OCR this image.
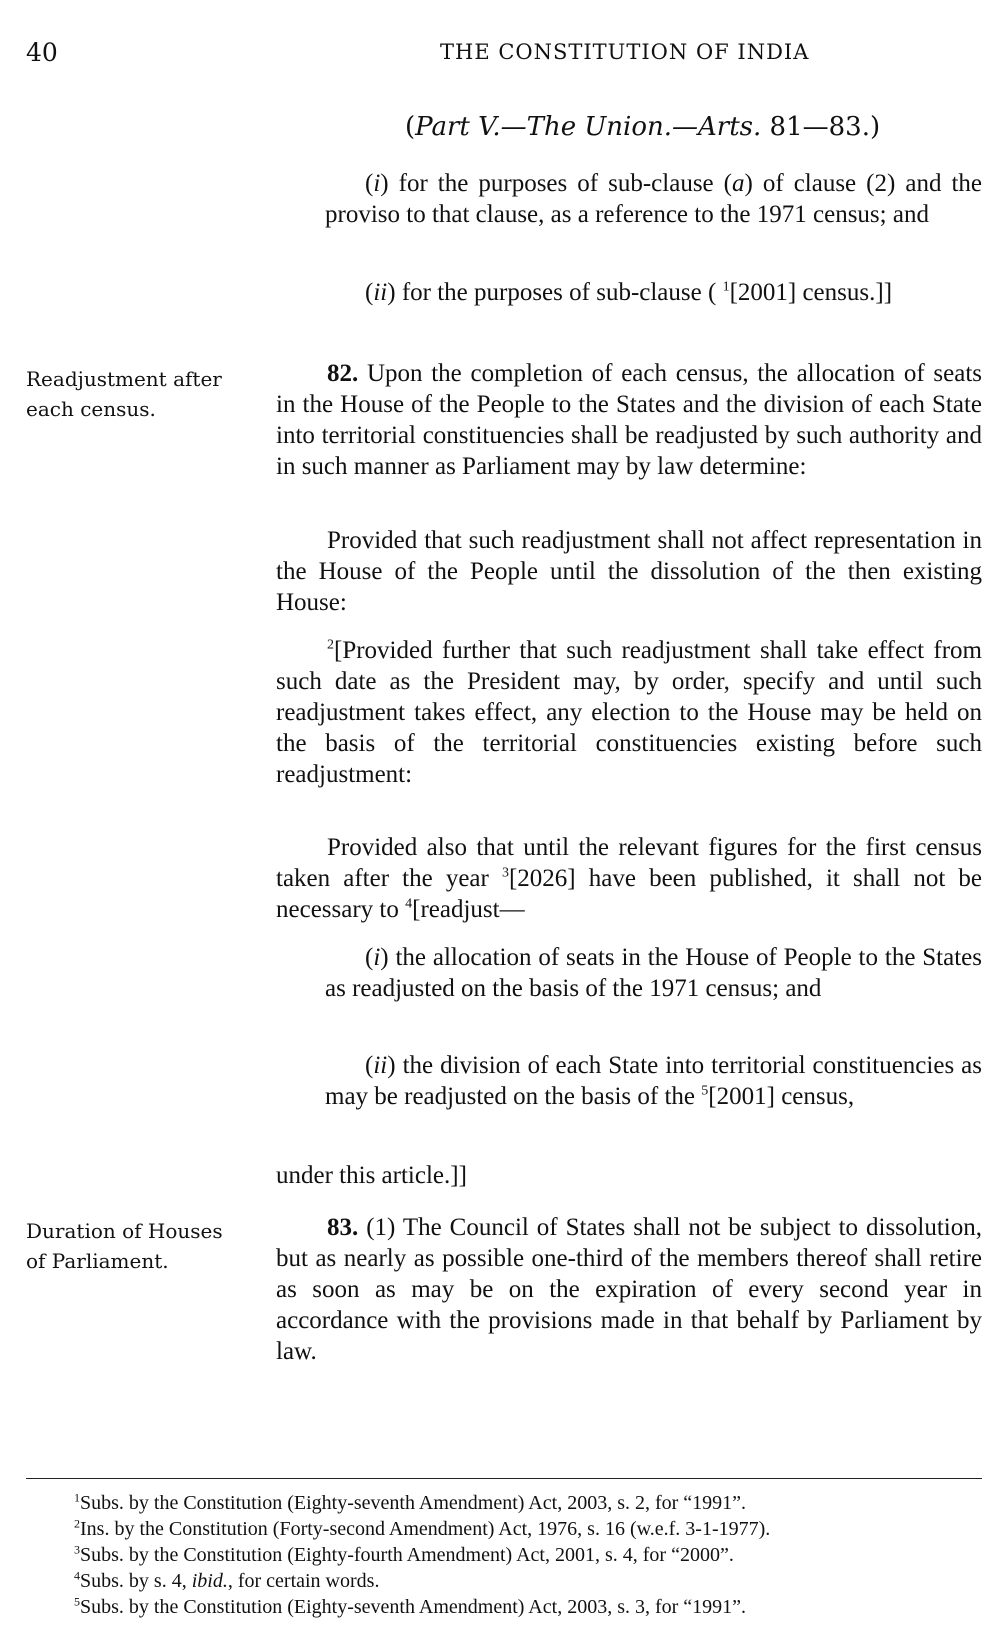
40	THE CONSTITUTION OF INDIA
(Part V.—The Union.—Arts. 81—83.)

(i) for the purposes of sub-clause (a) of clause (2) and the proviso to that clause, as a reference to the 1971 census; and

(ii) for the purposes of sub-clause ( $^1$[2001] census.]]

Readjustment after
each census.

82. Upon the completion of each census, the allocation of seats in the House of the People to the States and the division of each State into territorial constituencies shall be readjusted by such authority and in such manner as Parliament may by law determine:

Provided that such readjustment shall not affect representation in the House of the People until the dissolution of the then existing House:

$^2$[Provided further that such readjustment shall take effect from such date as the President may, by order, specify and until such readjustment takes effect, any election to the House may be held on the basis of the territorial constituencies existing before such readjustment:

Provided also that until the relevant figures for the first census taken after the year $^3$[2026] have been published, it shall not be necessary to $^4$[readjust—

(i) the allocation of seats in the House of People to the States as readjusted on the basis of the 1971 census; and

(ii) the division of each State into territorial constituencies as may be readjusted on the basis of the $^5$[2001] census,

under this article.]]

Duration of Houses
of Parliament.

83. (1) The Council of States shall not be subject to dissolution, but as nearly as possible one-third of the members thereof shall retire as soon as may be on the expiration of every second year in accordance with the provisions made in that behalf by Parliament by law.

$^1$Subs. by the Constitution (Eighty-seventh Amendment) Act, 2003, s. 2, for “1991”.
$^2$Ins. by the Constitution (Forty-second Amendment) Act, 1976, s. 16 (w.e.f. 3-1-1977).
$^3$Subs. by the Constitution (Eighty-fourth Amendment) Act, 2001, s. 4, for “2000”.
$^4$Subs. by s. 4, ibid., for certain words.
$^5$Subs. by the Constitution (Eighty-seventh Amendment) Act, 2003, s. 3, for “1991”.
